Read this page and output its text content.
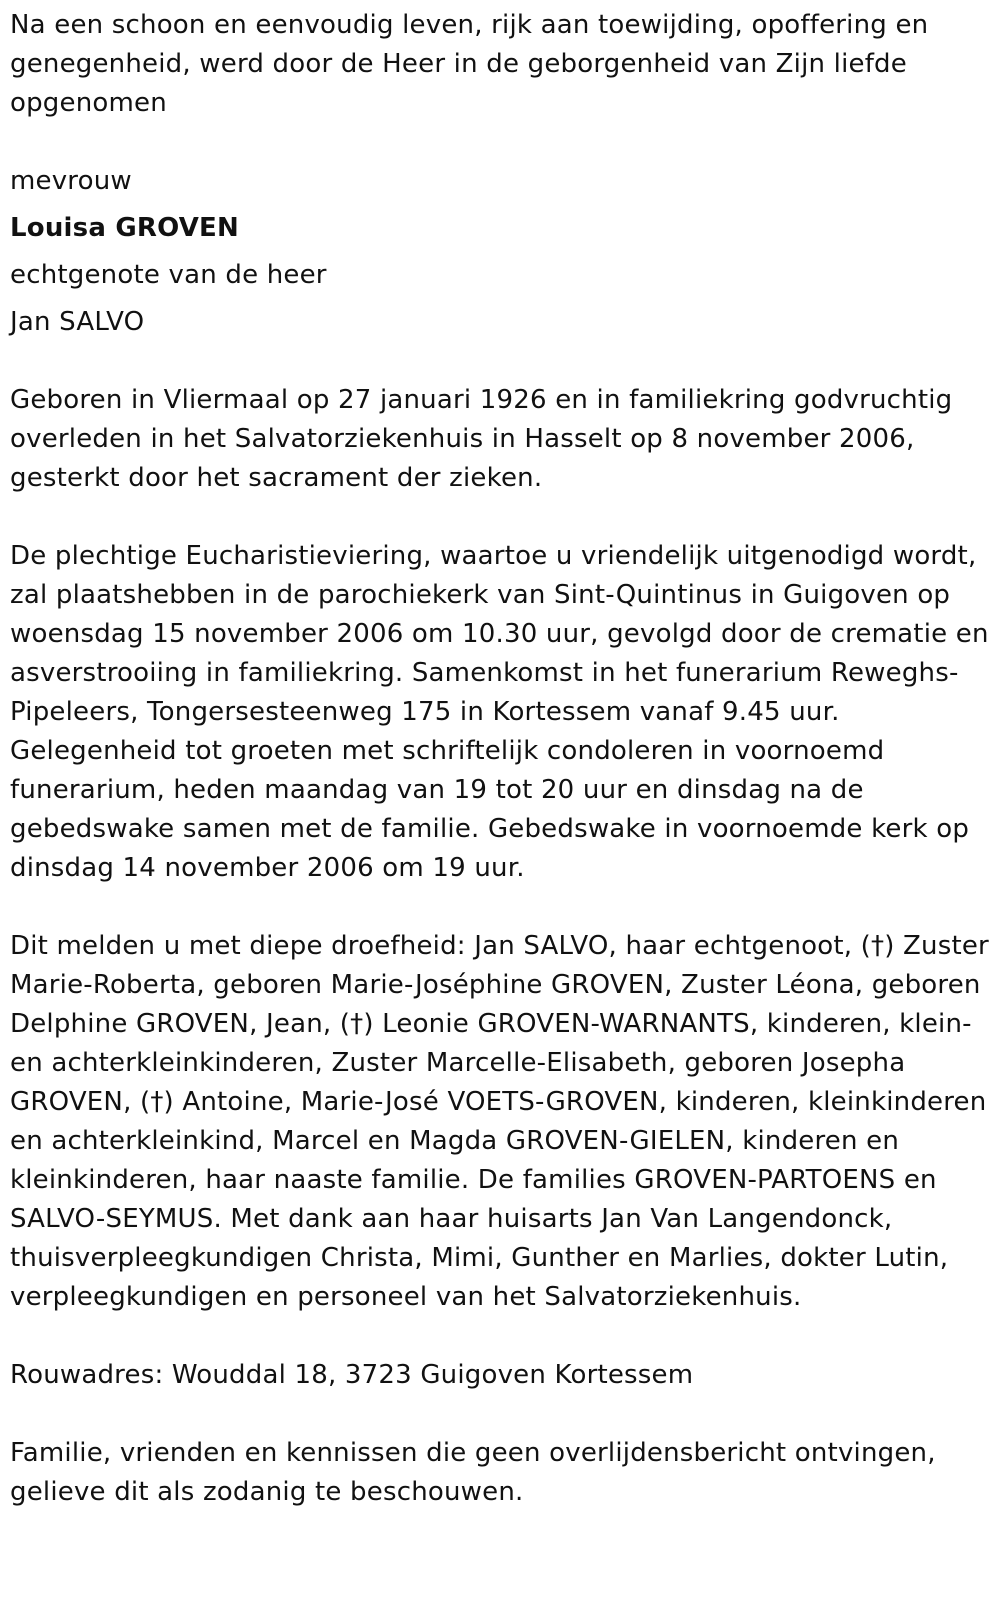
Na een schoon en eenvoudig leven, rijk aan toewijding, opoffering en genegenheid, werd door de Heer in de geborgenheid van Zijn liefde opgenomen

mevrouw

Louisa GROVEN

echtgenote van de heer

Jan SALVO

Geboren in Vliermaal op 27 januari 1926 en in familiekring godvruchtig overleden in het Salvatorziekenhuis in Hasselt op 8 november 2006, gesterkt door het sacrament der zieken.

De plechtige Eucharistieviering, waartoe u vriendelijk uitgenodigd wordt, zal plaatshebben in de parochiekerk van Sint-Quintinus in Guigoven op woensdag 15 november 2006 om 10.30 uur, gevolgd door de crematie en asverstrooiing in familiekring. Samenkomst in het funerarium Reweghs-Pipeleers, Tongersesteenweg 175 in Kortessem vanaf 9.45 uur. Gelegenheid tot groeten met schriftelijk condoleren in voornoemd funerarium, heden maandag van 19 tot 20 uur en dinsdag na de gebedswake samen met de familie. Gebedswake in voornoemde kerk op dinsdag 14 november 2006 om 19 uur.

Dit melden u met diepe droefheid: Jan SALVO, haar echtgenoot, (†) Zuster Marie-Roberta, geboren Marie-Joséphine GROVEN, Zuster Léona, geboren Delphine GROVEN, Jean, (†) Leonie GROVEN-WARNANTS, kinderen, klein- en achterkleinkinderen, Zuster Marcelle-Elisabeth, geboren Josepha GROVEN, (†) Antoine, Marie-José VOETS-GROVEN, kinderen, kleinkinderen en achterkleinkind, Marcel en Magda GROVEN-GIELEN, kinderen en kleinkinderen, haar naaste familie. De families GROVEN-PARTOENS en SALVO-SEYMUS. Met dank aan haar huisarts Jan Van Langendonck, thuisverpleegkundigen Christa, Mimi, Gunther en Marlies, dokter Lutin, verpleegkundigen en personeel van het Salvatorziekenhuis.

Rouwadres: Wouddal 18, 3723 Guigoven Kortessem

Familie, vrienden en kennissen die geen overlijdensbericht ontvingen, gelieve dit als zodanig te beschouwen.
